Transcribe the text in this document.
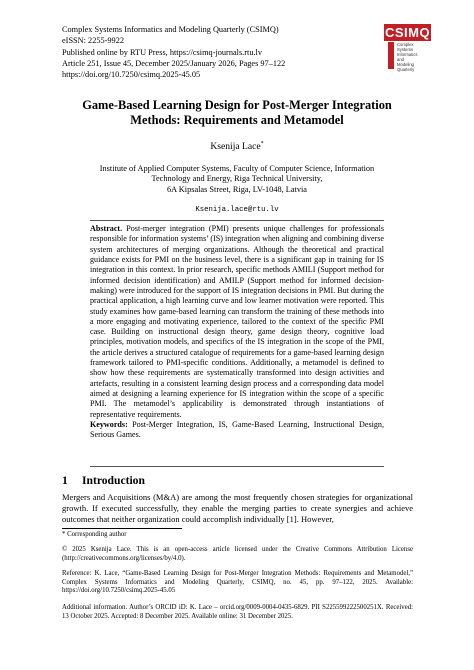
Complex Systems Informatics and Modeling Quarterly (CSIMQ)
eISSN: 2255-9922
Published online by RTU Press, https://csimq-journals.rtu.lv
Article 251, Issue 45, December 2025/January 2026, Pages 97–122
https://doi.org/10.7250/csimq.2025-45.05
CSIMQ
Complex
Systems
Informatics
and
Modeling
Quarterly
Game-Based Learning Design for Post-Merger Integration
Methods: Requirements and Metamodel
Ksenija Lace*
Institute of Applied Computer Systems, Faculty of Computer Science, Information
Technology and Energy, Riga Technical University,
6A Kipsalas Street, Riga, LV-1048, Latvia
Ksenija.lace@rtu.lv

Abstract. Post-merger integration (PMI) presents unique challenges for professionals responsible for information systems’ (IS) integration when aligning and combining diverse system architectures of merging organizations. Although the theoretical and practical guidance exists for PMI on the business level, there is a significant gap in training for IS integration in this context. In prior research, specific methods AMILI (Support method for informed decision identification) and AMILP (Support method for informed decision-making) were introduced for the support of IS integration decisions in PMI. But during the practical application, a high learning curve and low learner motivation were reported. This study examines how game-based learning can transform the training of these methods into a more engaging and motivating experience, tailored to the context of the specific PMI case. Building on instructional design theory, game design theory, cognitive load principles, motivation models, and specifics of the IS integration in the scope of the PMI, the article derives a structured catalogue of requirements for a game-based learning design framework tailored to PMI-specific conditions. Additionally, a metamodel is defined to show how these requirements are systematically transformed into design activities and artefacts, resulting in a consistent learning design process and a corresponding data model aimed at designing a learning experience for IS integration within the scope of a specific PMI. The metamodel’s applicability is demonstrated through instantiations of representative requirements.

Keywords: Post-Merger Integration, IS, Game-Based Learning, Instructional Design, Serious Games.

1 Introduction
Mergers and Acquisitions (M&A) are among the most frequently chosen strategies for organizational growth. If executed successfully, they enable the merging parties to create synergies and achieve outcomes that neither organization could accomplish individually [1]. However,
* Corresponding author
© 2025 Ksenija Lace. This is an open-access article licensed under the Creative Commons Attribution License (http://creativecommons.org/licenses/by/4.0).
Reference: K. Lace, “Game-Based Learning Design for Post-Merger Integration Methods: Requirements and Metamodel,” Complex Systems Informatics and Modeling Quarterly, CSIMQ, no. 45, pp. 97–122, 2025. Available: https://doi.org/10.7250/csimq.2025-45.05
Additional information. Author’s ORCID iD: K. Lace – orcid.org/0009-0004-0435-6829. PII S225599222500251X. Received: 13 October 2025. Accepted: 8 December 2025. Available online: 31 December 2025.
